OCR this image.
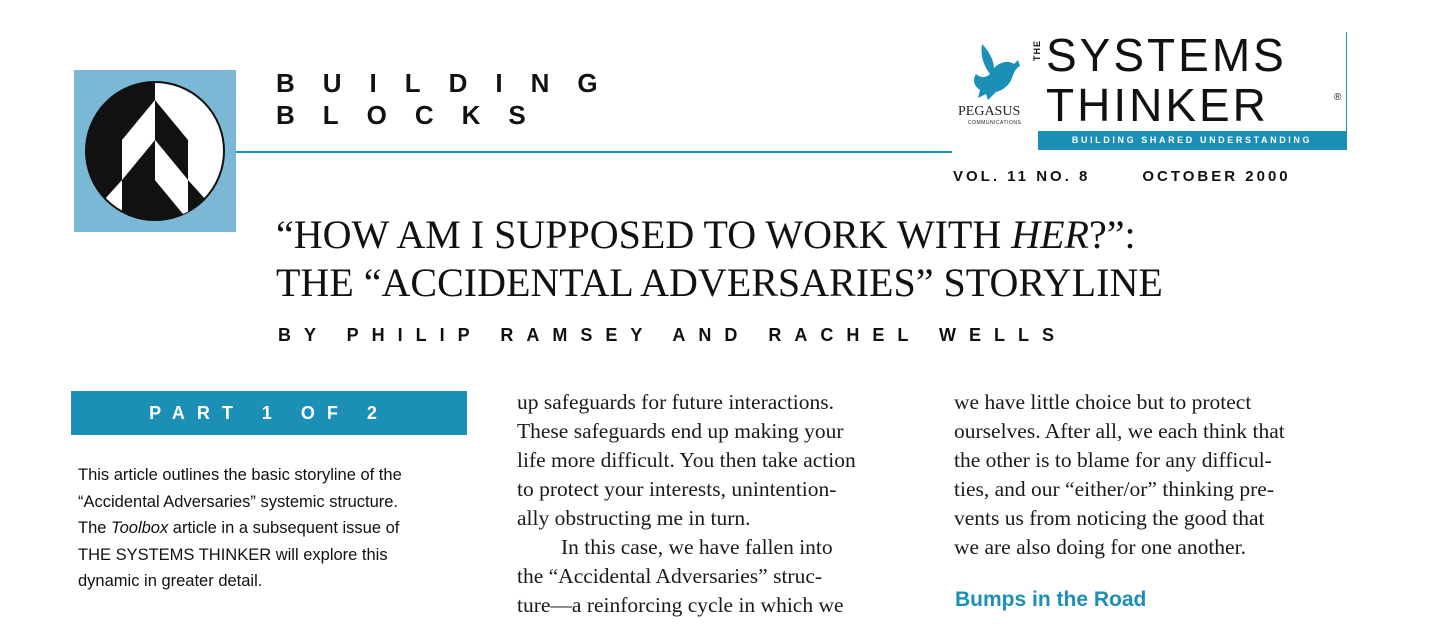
BUILDING
BLOCKS	PEGASUS
COMMUNICATIONS
THE SYSTEMS
THINKER	®
BUILDING SHARED UNDERSTANDING
VOL. 11 NO. 8	OCTOBER 2000
“HOW AM I SUPPOSED TO WORK WITH HER?”:
THE “ACCIDENTAL ADVERSARIES” STORYLINE
BY PHILIP RAMSEY AND RACHEL WELLS
PART 1 OF 2
This article outlines the basic storyline of the
“Accidental Adversaries” systemic structure.
The Toolbox article in a subsequent issue of
THE SYSTEMS THINKER will explore this
dynamic in greater detail.
up safeguards for future interactions.
These safeguards end up making your
life more difficult. You then take action
to protect your interests, unintention-
ally obstructing me in turn.
In this case, we have fallen into
the “Accidental Adversaries” struc-
ture—a reinforcing cycle in which we
we have little choice but to protect
ourselves. After all, we each think that
the other is to blame for any difficul-
ties, and our “either/or” thinking pre-
vents us from noticing the good that
we are also doing for one another.
Bumps in the Road
